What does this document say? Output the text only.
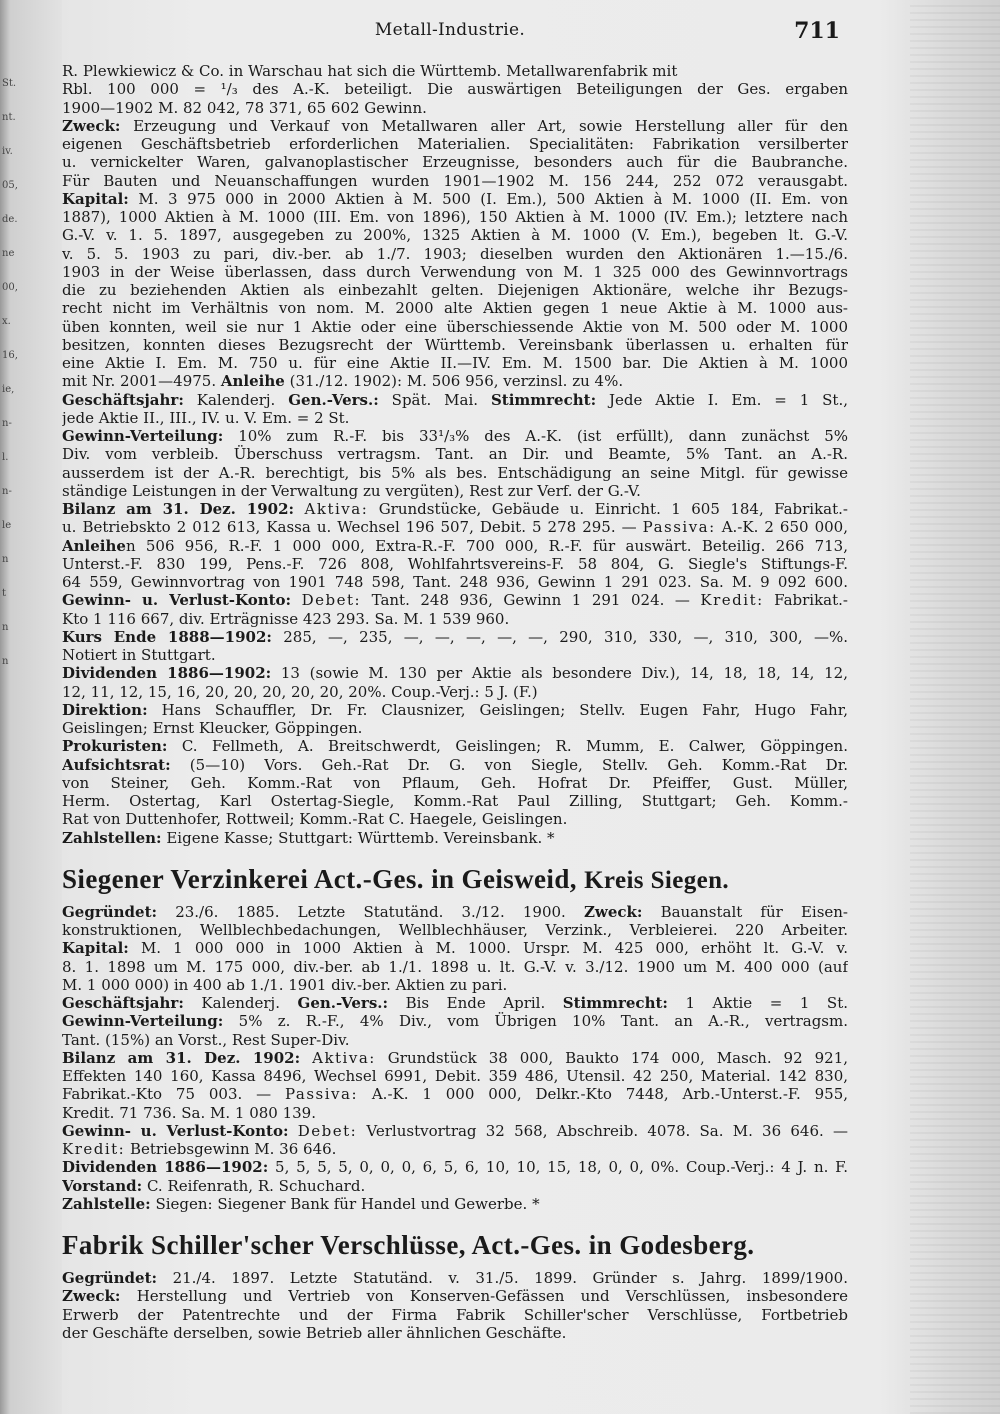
St.
nt.
iv.
05,
de.
ne
00,
x.
16,
ie,
n-
l.
n-
le
n
t
n
n
Metall-Industrie.	711
R. Plewkiewicz & Co. in Warschau hat sich die Württemb. Metallwarenfabrik mit
Rbl. 100 000 = ¹/₃ des A.-K. beteiligt. Die auswärtigen Beteiligungen der Ges. ergaben
1900—1902 M. 82 042, 78 371, 65 602 Gewinn.
Zweck: Erzeugung und Verkauf von Metallwaren aller Art, sowie Herstellung aller für den
eigenen Geschäftsbetrieb erforderlichen Materialien. Specialitäten: Fabrikation versilberter
u. vernickelter Waren, galvanoplastischer Erzeugnisse, besonders auch für die Baubranche.
Für Bauten und Neuanschaffungen wurden 1901—1902 M. 156 244, 252 072 verausgabt.
Kapital: M. 3 975 000 in 2000 Aktien à M. 500 (I. Em.), 500 Aktien à M. 1000 (II. Em. von
1887), 1000 Aktien à M. 1000 (III. Em. von 1896), 150 Aktien à M. 1000 (IV. Em.); letztere nach
G.-V. v. 1. 5. 1897, ausgegeben zu 200%, 1325 Aktien à M. 1000 (V. Em.), begeben lt. G.-V.
v. 5. 5. 1903 zu pari, div.-ber. ab 1./7. 1903; dieselben wurden den Aktionären 1.—15./6.
1903 in der Weise überlassen, dass durch Verwendung von M. 1 325 000 des Gewinnvortrags
die zu beziehenden Aktien als einbezahlt gelten. Diejenigen Aktionäre, welche ihr Bezugs-
recht nicht im Verhältnis von nom. M. 2000 alte Aktien gegen 1 neue Aktie à M. 1000 aus-
üben konnten, weil sie nur 1 Aktie oder eine überschiessende Aktie von M. 500 oder M. 1000
besitzen, konnten dieses Bezugsrecht der Württemb. Vereinsbank überlassen u. erhalten für
eine Aktie I. Em. M. 750 u. für eine Aktie II.—IV. Em. M. 1500 bar. Die Aktien à M. 1000
mit Nr. 2001—4975. Anleihe (31./12. 1902): M. 506 956, verzinsl. zu 4%.
Geschäftsjahr: Kalenderj. Gen.-Vers.: Spät. Mai. Stimmrecht: Jede Aktie I. Em. = 1 St.,
jede Aktie II., III., IV. u. V. Em. = 2 St.
Gewinn-Verteilung: 10% zum R.-F. bis 33¹/₃% des A.-K. (ist erfüllt), dann zunächst 5%
Div. vom verbleib. Überschuss vertragsm. Tant. an Dir. und Beamte, 5% Tant. an A.-R.
ausserdem ist der A.-R. berechtigt, bis 5% als bes. Entschädigung an seine Mitgl. für gewisse
ständige Leistungen in der Verwaltung zu vergüten), Rest zur Verf. der G.-V.
Bilanz am 31. Dez. 1902: Aktiva: Grundstücke, Gebäude u. Einricht. 1 605 184, Fabrikat.-
u. Betriebskto 2 012 613, Kassa u. Wechsel 196 507, Debit. 5 278 295. — Passiva: A.-K. 2 650 000,
Anleihen 506 956, R.-F. 1 000 000, Extra-R.-F. 700 000, R.-F. für auswärt. Beteilig. 266 713,
Unterst.-F. 830 199, Pens.-F. 726 808, Wohlfahrtsvereins-F. 58 804, G. Siegle's Stiftungs-F.
64 559, Gewinnvortrag von 1901 748 598, Tant. 248 936, Gewinn 1 291 023. Sa. M. 9 092 600.
Gewinn- u. Verlust-Konto: Debet: Tant. 248 936, Gewinn 1 291 024. — Kredit: Fabrikat.-
Kto 1 116 667, div. Erträgnisse 423 293. Sa. M. 1 539 960.
Kurs Ende 1888—1902: 285, —, 235, —, —, —, —, —, 290, 310, 330, —, 310, 300, —%.
Notiert in Stuttgart.
Dividenden 1886—1902: 13 (sowie M. 130 per Aktie als besondere Div.), 14, 18, 18, 14, 12,
12, 11, 12, 15, 16, 20, 20, 20, 20, 20, 20%. Coup.-Verj.: 5 J. (F.)
Direktion: Hans Schauffler, Dr. Fr. Clausnizer, Geislingen; Stellv. Eugen Fahr, Hugo Fahr,
Geislingen; Ernst Kleucker, Göppingen.
Prokuristen: C. Fellmeth, A. Breitschwerdt, Geislingen; R. Mumm, E. Calwer, Göppingen.
Aufsichtsrat: (5—10) Vors. Geh.-Rat Dr. G. von Siegle, Stellv. Geh. Komm.-Rat Dr.
von Steiner, Geh. Komm.-Rat von Pflaum, Geh. Hofrat Dr. Pfeiffer, Gust. Müller,
Herm. Ostertag, Karl Ostertag-Siegle, Komm.-Rat Paul Zilling, Stuttgart; Geh. Komm.-
Rat von Duttenhofer, Rottweil; Komm.-Rat C. Haegele, Geislingen.
Zahlstellen: Eigene Kasse; Stuttgart: Württemb. Vereinsbank. *
Siegener Verzinkerei Act.-Ges. in Geisweid, Kreis Siegen.
Gegründet: 23./6. 1885. Letzte Statutänd. 3./12. 1900. Zweck: Bauanstalt für Eisen-
konstruktionen, Wellblechbedachungen, Wellblechhäuser, Verzink., Verbleierei. 220 Arbeiter.
Kapital: M. 1 000 000 in 1000 Aktien à M. 1000. Urspr. M. 425 000, erhöht lt. G.-V. v.
8. 1. 1898 um M. 175 000, div.-ber. ab 1./1. 1898 u. lt. G.-V. v. 3./12. 1900 um M. 400 000 (auf
M. 1 000 000) in 400 ab 1./1. 1901 div.-ber. Aktien zu pari.
Geschäftsjahr: Kalenderj. Gen.-Vers.: Bis Ende April. Stimmrecht: 1 Aktie = 1 St.
Gewinn-Verteilung: 5% z. R.-F., 4% Div., vom Übrigen 10% Tant. an A.-R., vertragsm.
Tant. (15%) an Vorst., Rest Super-Div.
Bilanz am 31. Dez. 1902: Aktiva: Grundstück 38 000, Baukto 174 000, Masch. 92 921,
Effekten 140 160, Kassa 8496, Wechsel 6991, Debit. 359 486, Utensil. 42 250, Material. 142 830,
Fabrikat.-Kto 75 003. — Passiva: A.-K. 1 000 000, Delkr.-Kto 7448, Arb.-Unterst.-F. 955,
Kredit. 71 736. Sa. M. 1 080 139.
Gewinn- u. Verlust-Konto: Debet: Verlustvortrag 32 568, Abschreib. 4078. Sa. M. 36 646. —
Kredit: Betriebsgewinn M. 36 646.
Dividenden 1886—1902: 5, 5, 5, 5, 0, 0, 0, 6, 5, 6, 10, 10, 15, 18, 0, 0, 0%. Coup.-Verj.: 4 J. n. F.
Vorstand: C. Reifenrath, R. Schuchard.
Zahlstelle: Siegen: Siegener Bank für Handel und Gewerbe. *
Fabrik Schiller'scher Verschlüsse, Act.-Ges. in Godesberg.
Gegründet: 21./4. 1897. Letzte Statutänd. v. 31./5. 1899. Gründer s. Jahrg. 1899/1900.
Zweck: Herstellung und Vertrieb von Konserven-Gefässen und Verschlüssen, insbesondere
Erwerb der Patentrechte und der Firma Fabrik Schiller'scher Verschlüsse, Fortbetrieb
der Geschäfte derselben, sowie Betrieb aller ähnlichen Geschäfte.
